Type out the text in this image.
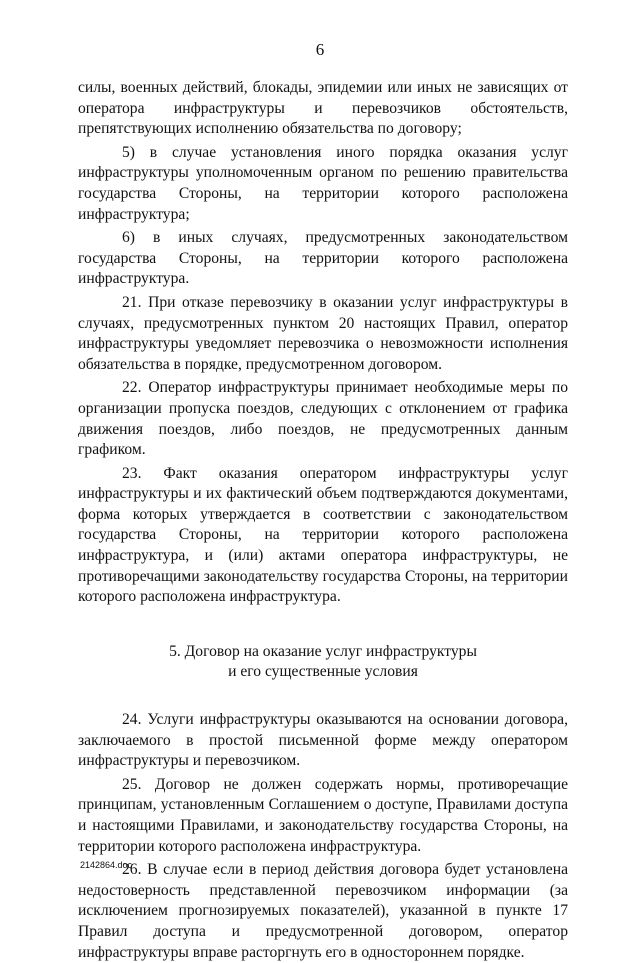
6

силы, военных действий, блокады, эпидемии или иных не зависящих от оператора инфраструктуры и перевозчиков обстоятельств, препятствующих исполнению обязательства по договору;

5) в случае установления иного порядка оказания услуг инфраструктуры уполномоченным органом по решению правительства государства Стороны, на территории которого расположена инфраструктура;

6) в иных случаях, предусмотренных законодательством государства Стороны, на территории которого расположена инфраструктура.

21. При отказе перевозчику в оказании услуг инфраструктуры в случаях, предусмотренных пунктом 20 настоящих Правил, оператор инфраструктуры уведомляет перевозчика о невозможности исполнения обязательства в порядке, предусмотренном договором.

22. Оператор инфраструктуры принимает необходимые меры по организации пропуска поездов, следующих с отклонением от графика движения поездов, либо поездов, не предусмотренных данным графиком.

23. Факт оказания оператором инфраструктуры услуг инфраструктуры и их фактический объем подтверждаются документами, форма которых утверждается в соответствии с законодательством государства Стороны, на территории которого расположена инфраструктура, и (или) актами оператора инфраструктуры, не противоречащими законодательству государства Стороны, на территории которого расположена инфраструктура.

5. Договор на оказание услуг инфраструктуры
и его существенные условия

24. Услуги инфраструктуры оказываются на основании договора, заключаемого в простой письменной форме между оператором инфраструктуры и перевозчиком.

25. Договор не должен содержать нормы, противоречащие принципам, установленным Соглашением о доступе, Правилами доступа и настоящими Правилами, и законодательству государства Стороны, на территории которого расположена инфраструктура.

26. В случае если в период действия договора будет установлена недостоверность представленной перевозчиком информации (за исключением прогнозируемых показателей), указанной в пункте 17 Правил доступа и предусмотренной договором, оператор инфраструктуры вправе расторгнуть его в одностороннем порядке.

2142864.doc
